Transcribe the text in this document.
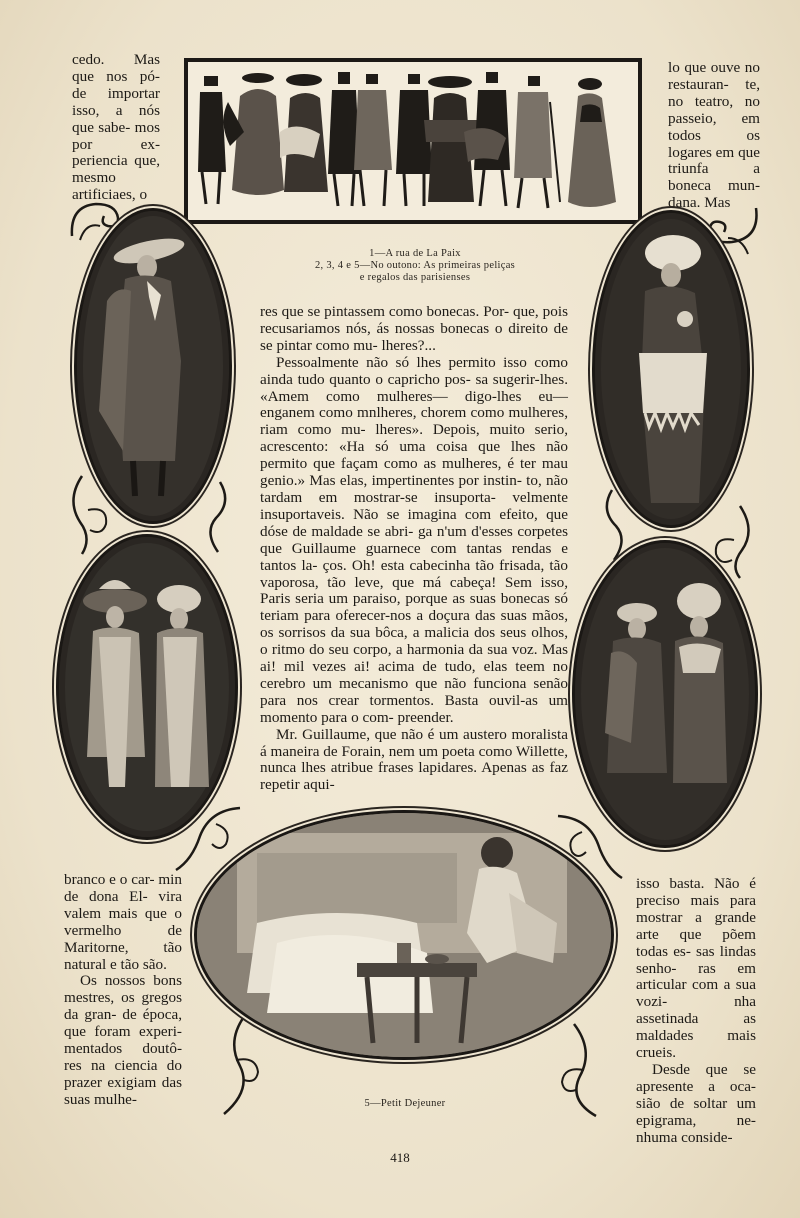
cedo. Mas que nos pó- de importar isso, a nós que sabe- mos por ex- periencia que, mesmo artificiaes, o

lo que ouve no restauran- te, no teatro, no passeio, em todos os logares em que triunfa a boneca mun- dana. Mas

1—A rua de La Paix
2, 3, 4 e 5—No outono: As primeiras peliças
e regalos das parisienses

res que se pintassem como bonecas. Por- que, pois recusariamos nós, ás nossas bonecas o direito de se pintar como mu- lheres?...

Pessoalmente não só lhes permito isso como ainda tudo quanto o capricho pos- sa sugerir-lhes. «Amem como mulheres— digo-lhes eu—enganem como mnlheres, chorem como mulheres, riam como mu- lheres». Depois, muito serio, acrescento: «Ha só uma coisa que lhes não permito que façam como as mulheres, é ter mau genio.» Mas elas, impertinentes por instin- to, não tardam em mostrar-se insuporta- velmente insuportaveis. Não se imagina com efeito, que dóse de maldade se abri- ga n'um d'esses corpetes que Guillaume guarnece com tantas rendas e tantos la- ços. Oh! esta cabecinha tão frisada, tão vaporosa, tão leve, que má cabeça! Sem isso, Paris seria um paraiso, porque as suas bonecas só teriam para oferecer-nos a doçura das suas mãos, os sorrisos da sua bôca, a malicia dos seus olhos, o ritmo do seu corpo, a harmonia da sua voz. Mas ai! mil vezes ai! acima de tudo, elas teem no cerebro um mecanismo que não funciona senão para nos crear tormentos. Basta ouvil-as um momento para o com- preender.

Mr. Guillaume, que não é um austero moralista á maneira de Forain, nem um poeta como Willette, nunca lhes atribue frases lapidares. Apenas as faz repetir aqui-

branco e o car- min de dona El- vira valem mais que o vermelho de Maritorne, tão natural e tão são.

Os nossos bons mestres, os gregos da gran- de época, que foram experi- mentados doutô- res na ciencia do prazer exigiam das suas mulhe-

isso basta. Não é preciso mais para mostrar a grande arte que põem todas es- sas lindas senho- ras em articular com a sua vozi- nha assetinada as maldades mais crueis.

Desde que se apresente a oca- sião de soltar um epigrama, ne- nhuma conside-

5—Petit Dejeuner
418
